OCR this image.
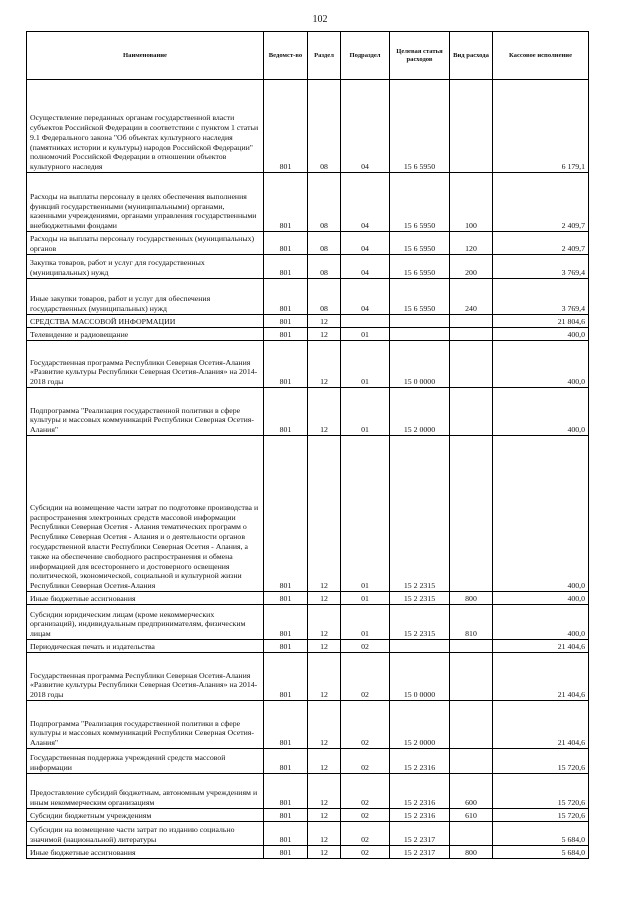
102
Наименование	Ведомст-во	Раздел	Подраздел	Целевая статья расходов	Вид расхода	Кассовое исполнение
Осуществление переданных органам государственной власти субъектов Российской Федерации в соответствии с пунктом 1 статьи 9.1 Федерального закона "Об объектах культурного наследия (памятниках истории и культуры) народов Российской Федерации" полномочий Российской Федерации в отношении объектов культурного наследия	801	08	04	15 6 5950		6 179,1
Расходы на выплаты персоналу в целях обеспечения выполнения функций государственными (муниципальными) органами, казенными учреждениями, органами управления государственными внебюджетными фондами	801	08	04	15 6 5950	100	2 409,7
Расходы на выплаты персоналу государственных (муниципальных) органов	801	08	04	15 6 5950	120	2 409,7
Закупка товаров, работ и услуг для государственных (муниципальных) нужд	801	08	04	15 6 5950	200	3 769,4
Иные закупки товаров, работ и услуг для обеспечения государственных (муниципальных) нужд	801	08	04	15 6 5950	240	3 769,4
СРЕДСТВА МАССОВОЙ ИНФОРМАЦИИ	801	12				21 804,6
Телевидение и радиовещание	801	12	01			400,0
Государственная программа Республики Северная Осетия-Алания «Развитие культуры Республики Северная Осетия-Алания» на 2014-2018 годы	801	12	01	15 0 0000		400,0
Подпрограмма "Реализация государственной политики в сфере культуры и массовых коммуникаций Республики Северная Осетия-Алания"	801	12	01	15 2 0000		400,0
Субсидии на возмещение части затрат по подготовке производства и распространения электронных средств массовой информации Республики Северная Осетия - Алания тематических программ о Республике Северная Осетия - Алания и о деятельности органов государственной власти Республики Северная Осетия - Алания, а также на обеспечение свободного распространения и обмена информацией для всестороннего и достоверного освещения политической, экономической, социальной и культурной жизни Республики Северная Осетия-Алания	801	12	01	15 2 2315		400,0
Иные бюджетные ассигнования	801	12	01	15 2 2315	800	400,0
Субсидии юридическим лицам (кроме некоммерческих организаций), индивидуальным предпринимателям, физическим лицам	801	12	01	15 2 2315	810	400,0
Периодическая печать и издательства	801	12	02			21 404,6
Государственная программа Республики Северная Осетия-Алания «Развитие культуры Республики Северная Осетия-Алания» на 2014-2018 годы	801	12	02	15 0 0000		21 404,6
Подпрограмма "Реализация государственной политики в сфере культуры и массовых коммуникаций Республики Северная Осетия-Алания"	801	12	02	15 2 0000		21 404,6
Государственная поддержка учреждений средств массовой информации	801	12	02	15 2 2316		15 720,6
Предоставление субсидий бюджетным, автономным учреждениям и иным некоммерческим организациям	801	12	02	15 2 2316	600	15 720,6
Субсидии бюджетным учреждениям	801	12	02	15 2 2316	610	15 720,6
Субсидии на возмещение части затрат по изданию социально значимой (национальной) литературы	801	12	02	15 2 2317		5 684,0
Иные бюджетные ассигнования	801	12	02	15 2 2317	800	5 684,0
